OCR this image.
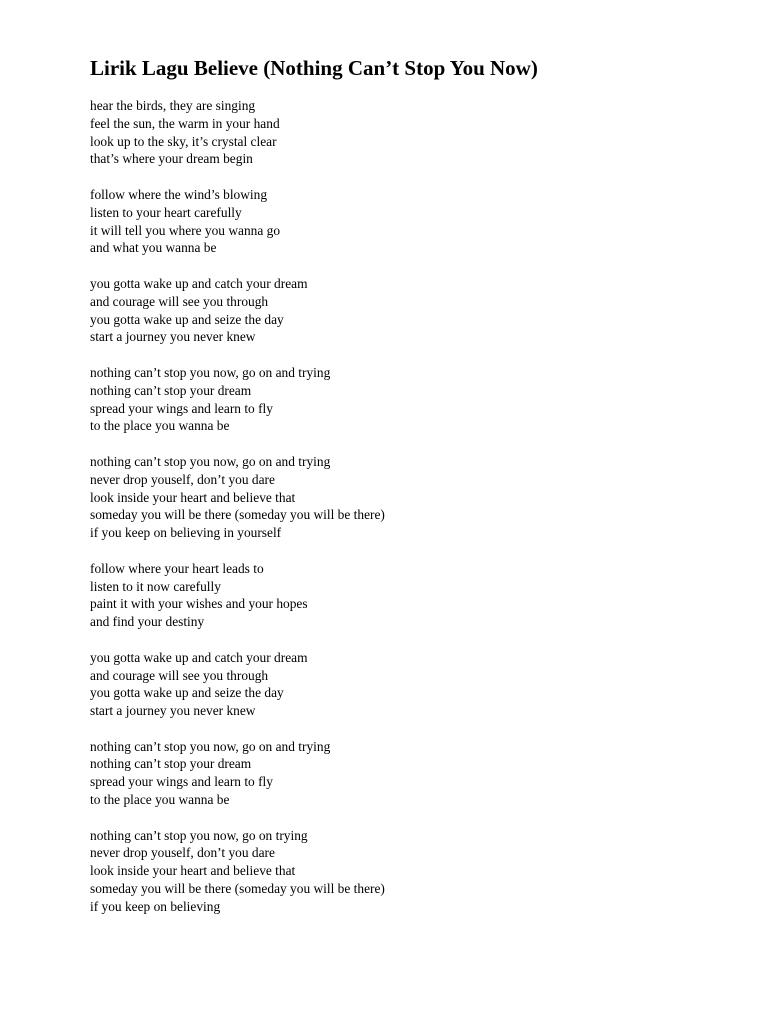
Lirik Lagu Believe (Nothing Can’t Stop You Now)

hear the birds, they are singing
feel the sun, the warm in your hand
look up to the sky, it’s crystal clear
that’s where your dream begin

follow where the wind’s blowing
listen to your heart carefully
it will tell you where you wanna go
and what you wanna be

you gotta wake up and catch your dream
and courage will see you through
you gotta wake up and seize the day
start a journey you never knew

nothing can’t stop you now, go on and trying
nothing can’t stop your dream
spread your wings and learn to fly
to the place you wanna be

nothing can’t stop you now, go on and trying
never drop youself, don’t you dare
look inside your heart and believe that
someday you will be there (someday you will be there)
if you keep on believing in yourself

follow where your heart leads to
listen to it now carefully
paint it with your wishes and your hopes
and find your destiny

you gotta wake up and catch your dream
and courage will see you through
you gotta wake up and seize the day
start a journey you never knew

nothing can’t stop you now, go on and trying
nothing can’t stop your dream
spread your wings and learn to fly
to the place you wanna be

nothing can’t stop you now, go on trying
never drop youself, don’t you dare
look inside your heart and believe that
someday you will be there (someday you will be there)
if you keep on believing
